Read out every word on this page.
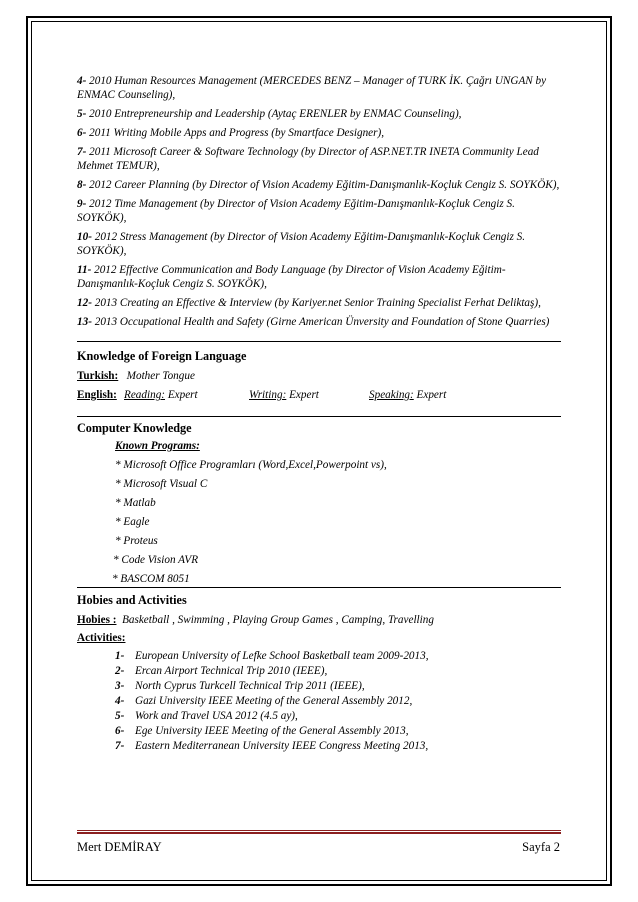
4- 2010 Human Resources Management (MERCEDES BENZ – Manager of TURK İK. Çağrı UNGAN by ENMAC Counseling),
5- 2010 Entrepreneurship and Leadership (Aytaç ERENLER by ENMAC Counseling),
6- 2011 Writing Mobile Apps and Progress (by Smartface Designer),
7- 2011 Microsoft Career & Software Technology (by Director of ASP.NET.TR INETA Community Lead Mehmet TEMUR),
8- 2012 Career Planning (by Director of Vision Academy Eğitim-Danışmanlık-Koçluk Cengiz S. SOYKÖK),
9- 2012 Time Management (by Director of Vision Academy Eğitim-Danışmanlık-Koçluk Cengiz S. SOYKÖK),
10- 2012 Stress Management (by Director of Vision Academy Eğitim-Danışmanlık-Koçluk Cengiz S. SOYKÖK),
11- 2012 Effective Communication and Body Language (by Director of Vision Academy Eğitim-Danışmanlık-Koçluk Cengiz S. SOYKÖK),
12- 2013 Creating an Effective & Interview (by Kariyer.net Senior Training Specialist Ferhat Deliktaş),
13- 2013 Occupational Health and Safety (Girne American Ünversity and Foundation of Stone Quarries)
Knowledge of Foreign Language
Turkish: Mother Tongue
English: Reading: Expert	Writing: Expert	Speaking: Expert
Computer Knowledge
Known Programs:
* Microsoft Office Programları (Word,Excel,Powerpoint vs),
* Microsoft Visual C
* Matlab
* Eagle
* Proteus
* Code Vision AVR
* BASCOM 8051
Hobies and Activities
Hobies : Basketball , Swimming , Playing Group Games , Camping, Travelling
Activities:
1- European University of Lefke School Basketball team 2009-2013,
2- Ercan Airport Technical Trip 2010 (IEEE),
3- North Cyprus Turkcell Technical Trip 2011 (IEEE),
4- Gazi University IEEE Meeting of the General Assembly 2012,
5- Work and Travel USA 2012 (4.5 ay),
6- Ege University IEEE Meeting of the General Assembly 2013,
7- Eastern Mediterranean University IEEE Congress Meeting 2013,
Mert DEMİRAY	Sayfa 2
